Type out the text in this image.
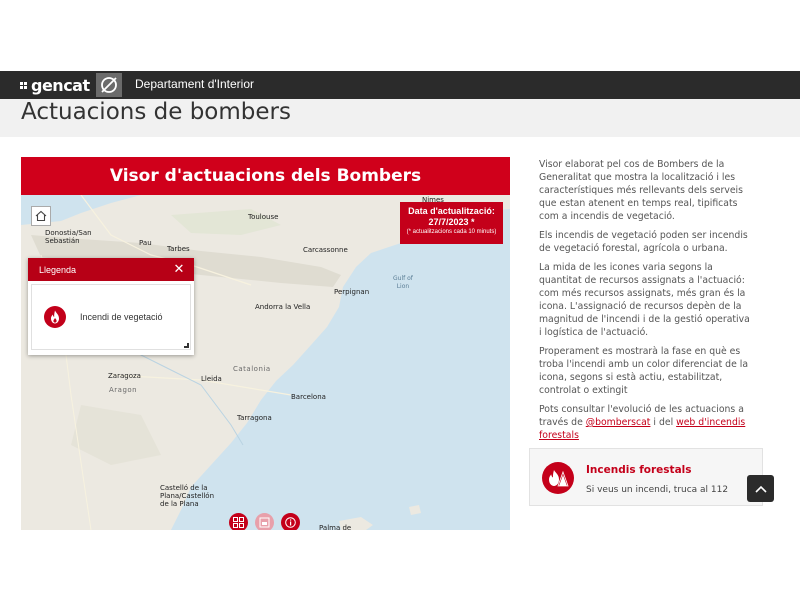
gencat	Departament d'Interior
Actuacions de bombers
Visor d'actuacions dels Bombers
Data d'actualització:
27/7/2023 *
(* actualitzacions cada 10 minuts)
Nimes
Toulouse
Donostia/San
Sebastián	Pau
Tarbes	Carcassonne
Gulf of
Lion
Perpignan
Andorra la Vella
Zaragoza
Aragon
Lleida
Catalonia
Barcelona
Tarragona
Castelló de la
Plana/Castellón
de la Plana
Palma de
Llegenda	✕
Incendi de vegetació

Visor elaborat pel cos de Bombers de la Generalitat que mostra la localització i les característiques més rellevants dels serveis que estan atenent en temps real, tipificats com a incendis de vegetació.

Els incendis de vegetació poden ser incendis de vegetació forestal, agrícola o urbana.

La mida de les icones varia segons la quantitat de recursos assignats a l'actuació: com més recursos assignats, més gran és la icona. L'assignació de recursos depèn de la magnitud de l'incendi i de la gestió operativa i logística de l'actuació.

Properament es mostrarà la fase en què es troba l'incendi amb un color diferenciat de la icona, segons si està actiu, estabilitzat, controlat o extingit

Pots consultar l'evolució de les actuacions a través de @bomberscat i del web d'incendis forestals

Incendis forestals
Si veus un incendi, truca al 112
